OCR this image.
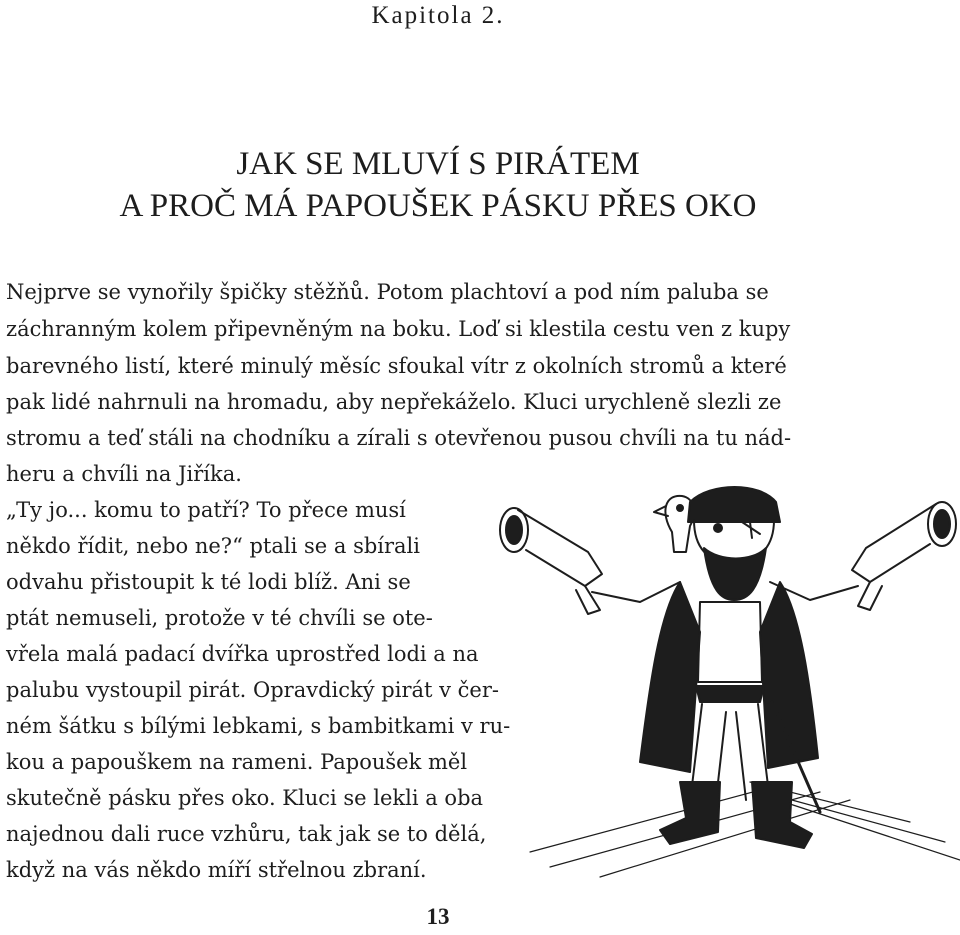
Kapitola 2.
JAK SE MLUVÍ S PIRÁTEM
A PROČ MÁ PAPOUŠEK PÁSKU PŘES OKO
Nejprve se vynořily špičky stěžňů. Potom plachtoví a pod ním paluba se
záchranným kolem připevněným na boku. Loď si klestila cestu ven z kupy
barevného listí, které minulý měsíc sfoukal vítr z okolních stromů a které
pak lidé nahrnuli na hromadu, aby nepřekáželo. Kluci urychleně slezli ze
stromu a teď stáli na chodníku a zírali s otevřenou pusou chvíli na tu nád-
heru a chvíli na Jiříka.
„Ty jo... komu to patří? To přece musí
někdo řídit, nebo ne?“ ptali se a sbírali
odvahu přistoupit k té lodi blíž. Ani se
ptát nemuseli, protože v té chvíli se ote-
vřela malá padací dvířka uprostřed lodi a na
palubu vystoupil pirát. Opravdický pirát v čer-
ném šátku s bílými lebkami, s bambitkami v ru-
kou a papouškem na rameni. Papoušek měl
skutečně pásku přes oko. Kluci se lekli a oba
najednou dali ruce vzhůru, tak jak se to dělá,
když na vás někdo míří střelnou zbraní.
13
